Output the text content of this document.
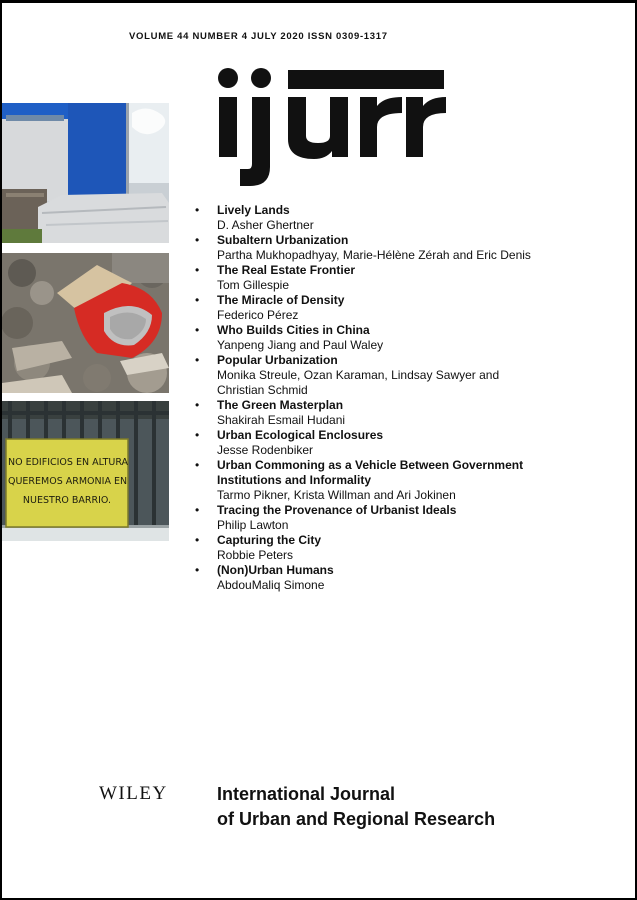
VOLUME 44 NUMBER 4 JULY 2020 ISSN 0309-1317
NO EDIFICIOS EN ALTURA
QUEREMOS ARMONIA EN
NUESTRO BARRIO.
• Lively Lands
D. Asher Ghertner
• Subaltern Urbanization
Partha Mukhopadhyay, Marie-Hélène Zérah and Eric Denis
• The Real Estate Frontier
Tom Gillespie
• The Miracle of Density
Federico Pérez
• Who Builds Cities in China
Yanpeng Jiang and Paul Waley
• Popular Urbanization
Monika Streule, Ozan Karaman, Lindsay Sawyer and
Christian Schmid
• The Green Masterplan
Shakirah Esmail Hudani
• Urban Ecological Enclosures
Jesse Rodenbiker
• Urban Commoning as a Vehicle Between Government Institutions and Informality
Tarmo Pikner, Krista Willman and Ari Jokinen
• Tracing the Provenance of Urbanist Ideals
Philip Lawton
• Capturing the City
Robbie Peters
• (Non)Urban Humans
AbdouMaliq Simone
WILEY	International Journal
of Urban and Regional Research
